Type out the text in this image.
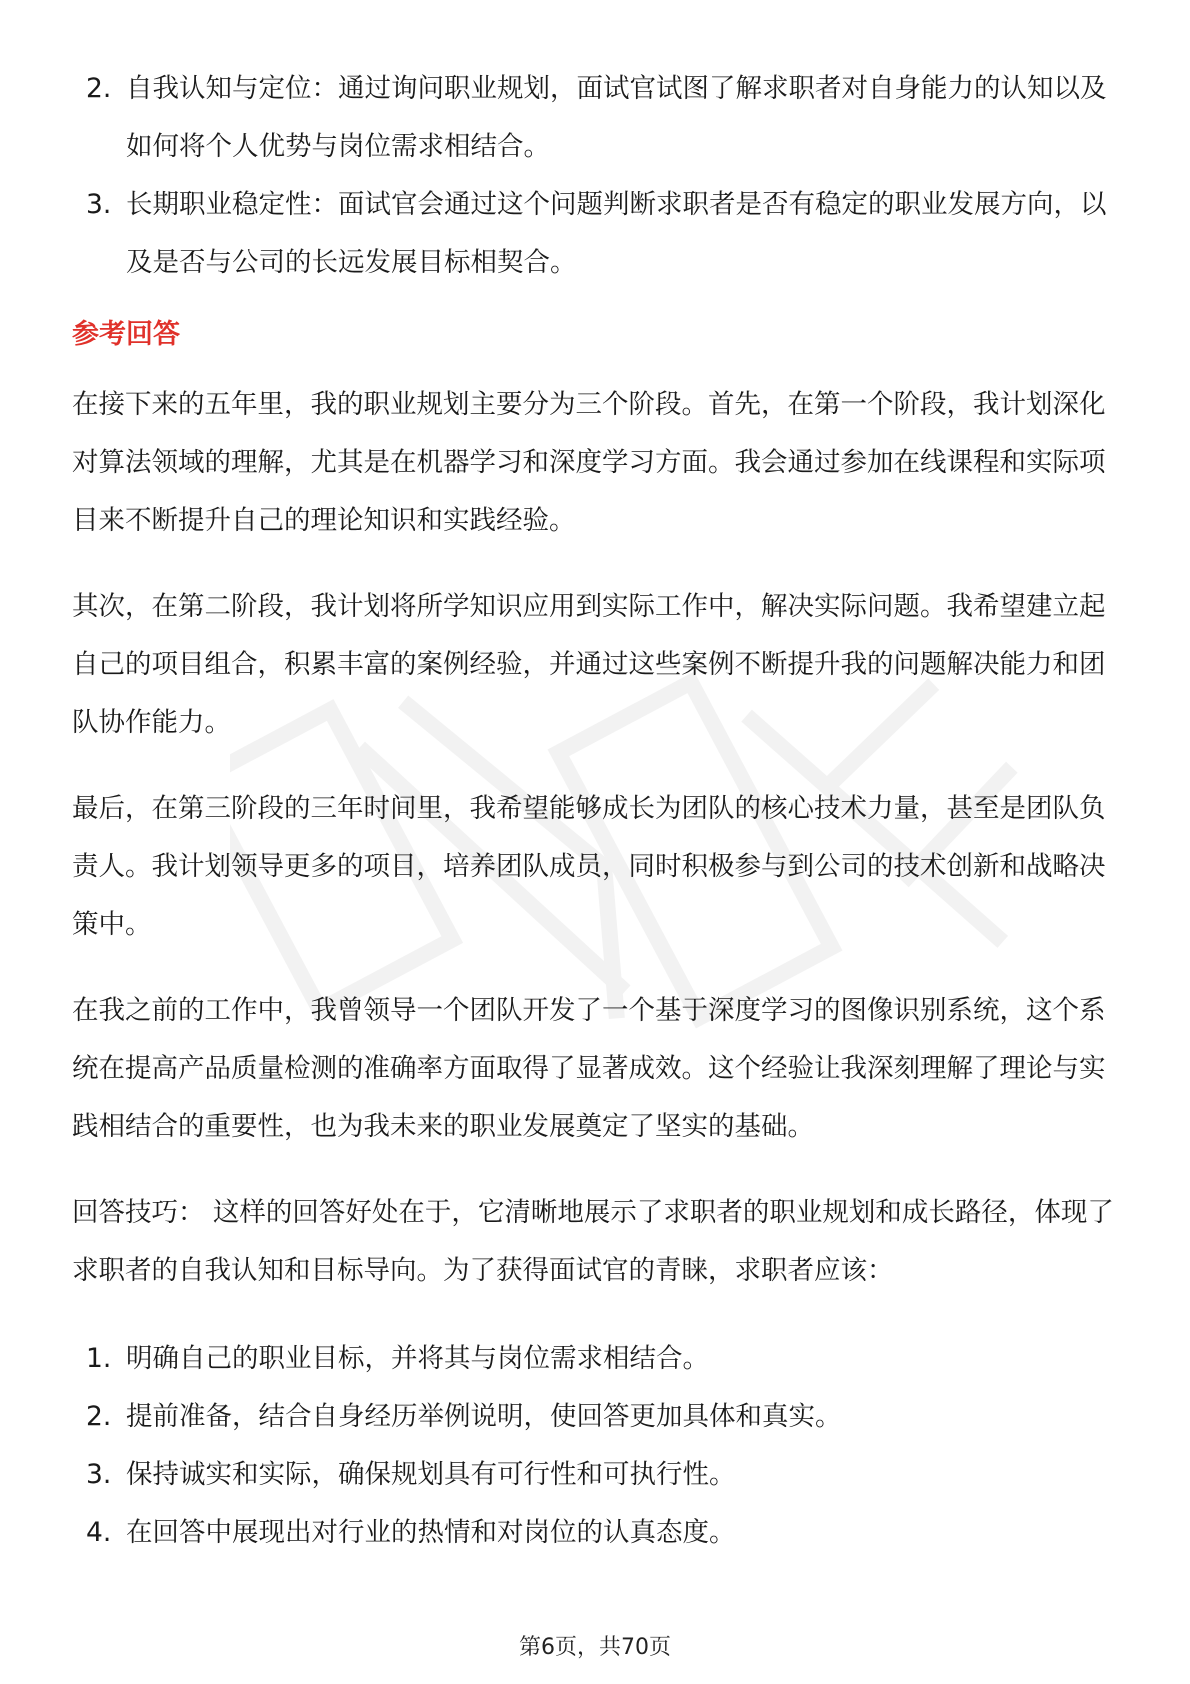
2. 自我认知与定位：通过询问职业规划，面试官试图了解求职者对自身能力的认知以及如何将个人优势与岗位需求相结合。
3. 长期职业稳定性：面试官会通过这个问题判断求职者是否有稳定的职业发展方向，以及是否与公司的长远发展目标相契合。
参考回答

在接下来的五年里，我的职业规划主要分为三个阶段。首先，在第一个阶段，我计划深化对算法领域的理解，尤其是在机器学习和深度学习方面。我会通过参加在线课程和实际项目来不断提升自己的理论知识和实践经验。

其次，在第二阶段，我计划将所学知识应用到实际工作中，解决实际问题。我希望建立起自己的项目组合，积累丰富的案例经验，并通过这些案例不断提升我的问题解决能力和团队协作能力。

最后，在第三阶段的三年时间里，我希望能够成长为团队的核心技术力量，甚至是团队负责人。我计划领导更多的项目，培养团队成员，同时积极参与到公司的技术创新和战略决策中。

在我之前的工作中，我曾领导一个团队开发了一个基于深度学习的图像识别系统，这个系统在提高产品质量检测的准确率方面取得了显著成效。这个经验让我深刻理解了理论与实践相结合的重要性，也为我未来的职业发展奠定了坚实的基础。

回答技巧： 这样的回答好处在于，它清晰地展示了求职者的职业规划和成长路径，体现了求职者的自我认知和目标导向。为了获得面试官的青睐，求职者应该：

1. 明确自己的职业目标，并将其与岗位需求相结合。
2. 提前准备，结合自身经历举例说明，使回答更加具体和真实。
3. 保持诚实和实际，确保规划具有可行性和可执行性。
4. 在回答中展现出对行业的热情和对岗位的认真态度。
第6页，共70页
